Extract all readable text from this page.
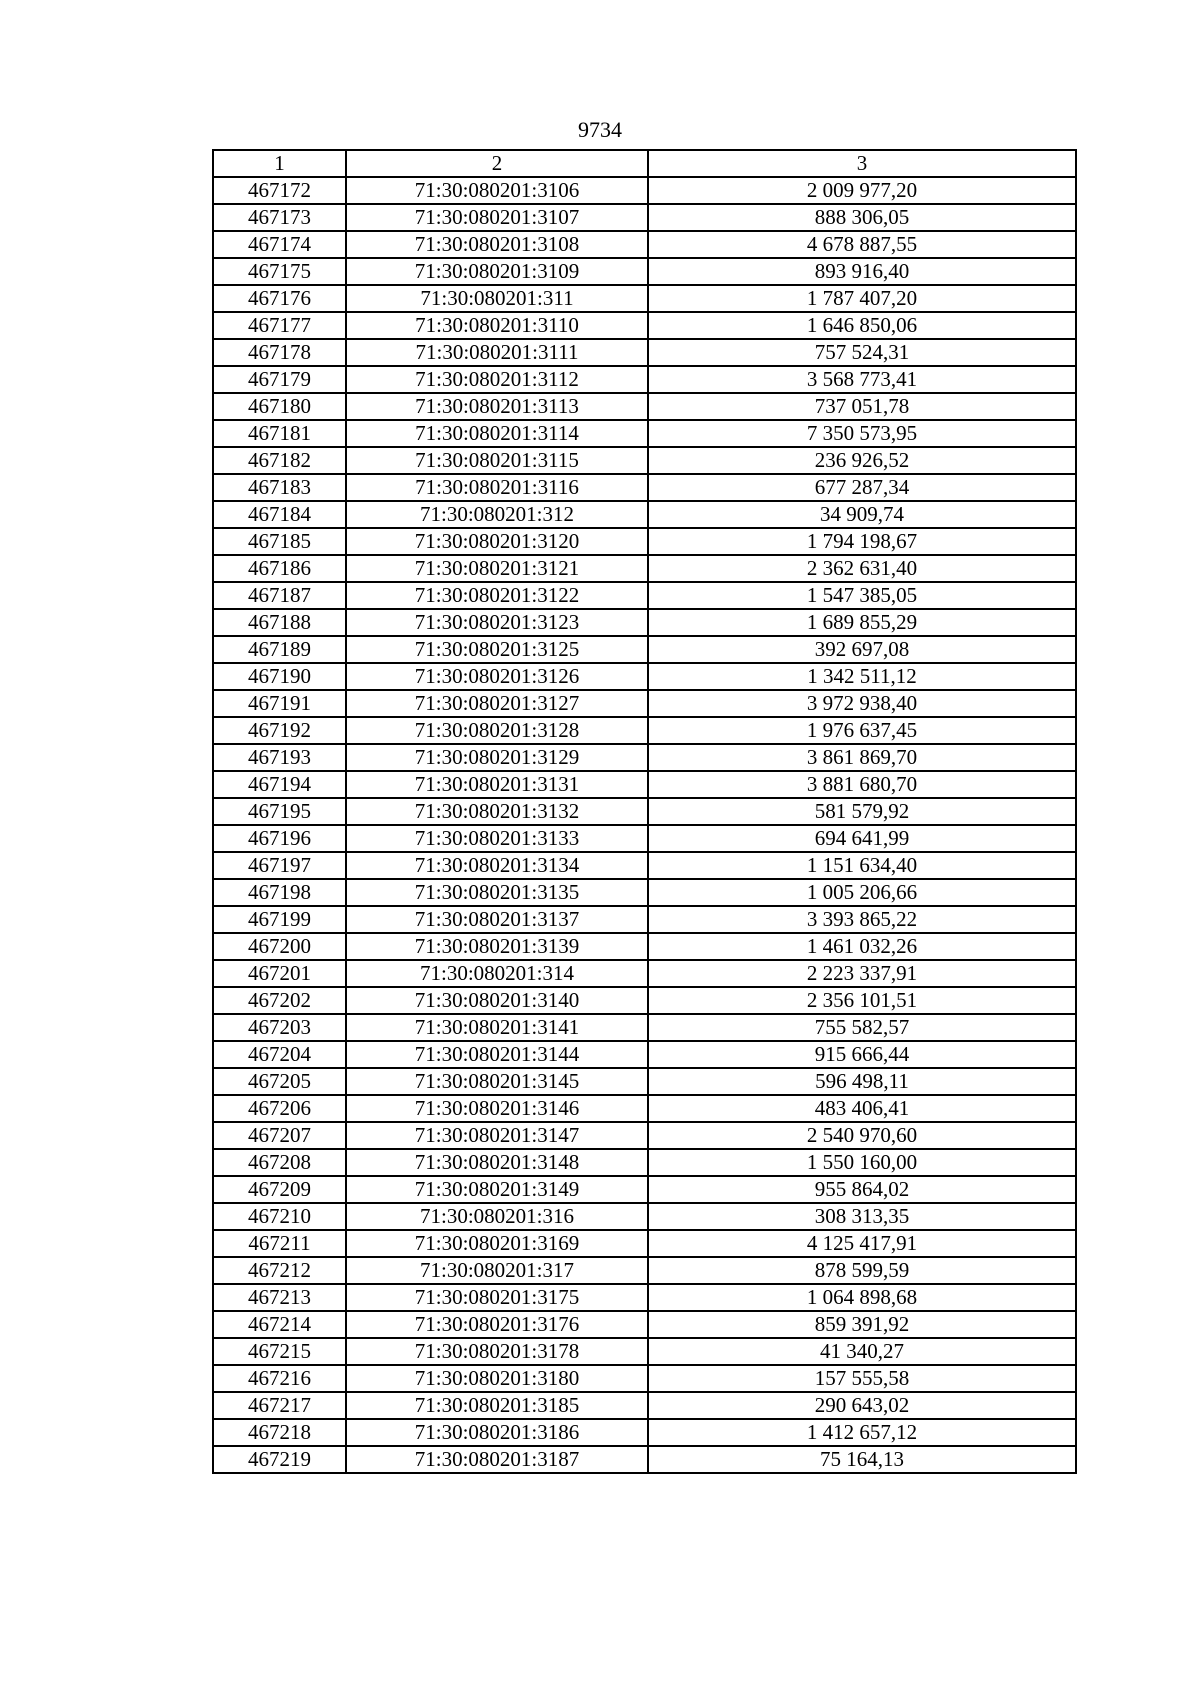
9734
1	2	3
467172	71:30:080201:3106	2 009 977,20
467173	71:30:080201:3107	888 306,05
467174	71:30:080201:3108	4 678 887,55
467175	71:30:080201:3109	893 916,40
467176	71:30:080201:311	1 787 407,20
467177	71:30:080201:3110	1 646 850,06
467178	71:30:080201:3111	757 524,31
467179	71:30:080201:3112	3 568 773,41
467180	71:30:080201:3113	737 051,78
467181	71:30:080201:3114	7 350 573,95
467182	71:30:080201:3115	236 926,52
467183	71:30:080201:3116	677 287,34
467184	71:30:080201:312	34 909,74
467185	71:30:080201:3120	1 794 198,67
467186	71:30:080201:3121	2 362 631,40
467187	71:30:080201:3122	1 547 385,05
467188	71:30:080201:3123	1 689 855,29
467189	71:30:080201:3125	392 697,08
467190	71:30:080201:3126	1 342 511,12
467191	71:30:080201:3127	3 972 938,40
467192	71:30:080201:3128	1 976 637,45
467193	71:30:080201:3129	3 861 869,70
467194	71:30:080201:3131	3 881 680,70
467195	71:30:080201:3132	581 579,92
467196	71:30:080201:3133	694 641,99
467197	71:30:080201:3134	1 151 634,40
467198	71:30:080201:3135	1 005 206,66
467199	71:30:080201:3137	3 393 865,22
467200	71:30:080201:3139	1 461 032,26
467201	71:30:080201:314	2 223 337,91
467202	71:30:080201:3140	2 356 101,51
467203	71:30:080201:3141	755 582,57
467204	71:30:080201:3144	915 666,44
467205	71:30:080201:3145	596 498,11
467206	71:30:080201:3146	483 406,41
467207	71:30:080201:3147	2 540 970,60
467208	71:30:080201:3148	1 550 160,00
467209	71:30:080201:3149	955 864,02
467210	71:30:080201:316	308 313,35
467211	71:30:080201:3169	4 125 417,91
467212	71:30:080201:317	878 599,59
467213	71:30:080201:3175	1 064 898,68
467214	71:30:080201:3176	859 391,92
467215	71:30:080201:3178	41 340,27
467216	71:30:080201:3180	157 555,58
467217	71:30:080201:3185	290 643,02
467218	71:30:080201:3186	1 412 657,12
467219	71:30:080201:3187	75 164,13
